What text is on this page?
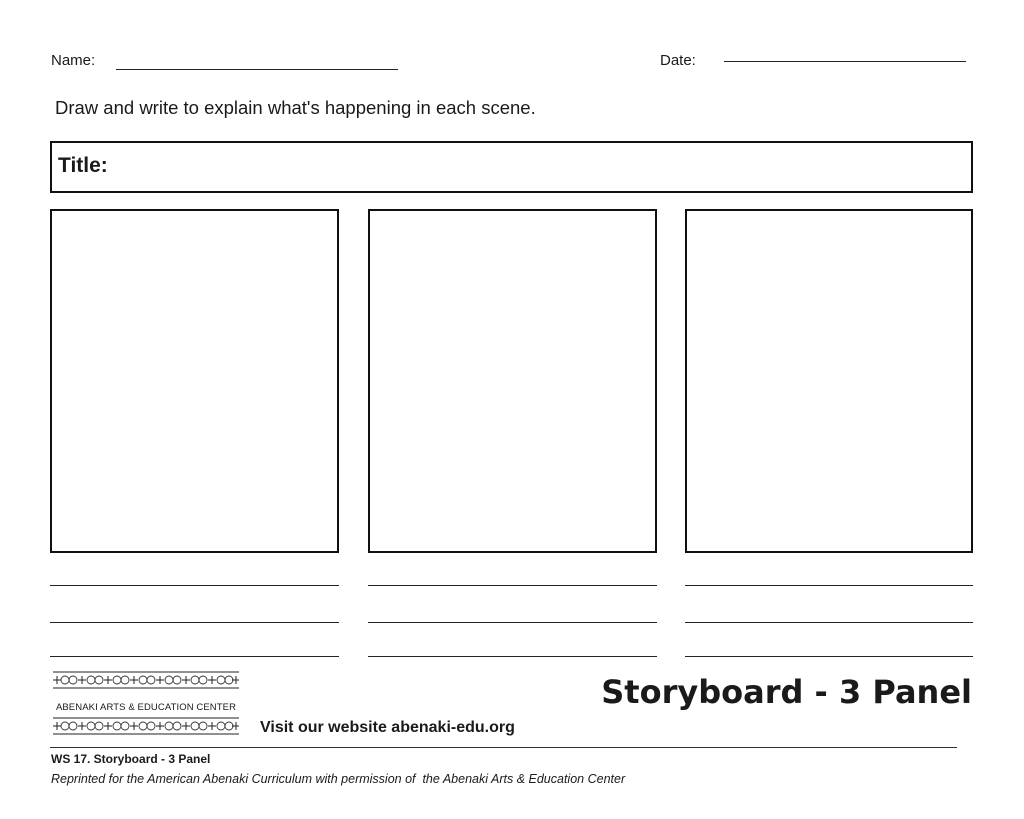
Name:	Date:
Draw and write to explain what's happening in each scene.
Title:
ABENAKI ARTS & EDUCATION CENTER	Storyboard - 3 Panel
Visit our website abenaki-edu.org
WS 17. Storyboard - 3 Panel
Reprinted for the American Abenaki Curriculum with permission of  the Abenaki Arts & Education Center
